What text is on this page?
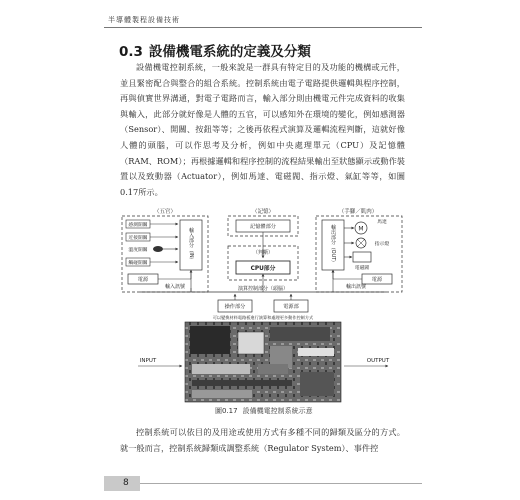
半導體製程設備技術
0.3 設備機電系統的定義及分類

設備機電控制系統，一般來說是一群具有特定目的及功能的機構或元件，並且緊密配合與整合的組合系統。控制系統由電子電路提供邏輯與程序控制，再與偵實世界溝通，對電子電路而言，輸入部分則由機電元件完成資料的收集與輸入，此部分就好像是人體的五官，可以感知外在環境的變化，例如感測器（Sensor）、開關、按鈕等等；之後再依程式演算及邏輯流程判斷，這就好像人體的頭腦，可以作思考及分析，例如中央處理單元（CPU）及記憶體（RAM、ROM）；再根據邏輯和程序控制的流程結果輸出至狀態顯示或動作裝置以及致動器（Actuator），例如馬達、電磁閥、指示燈、氣缸等等，如圖0.17所示。

（五官）
感測開關
近接開關
溫度開關
觸碰開關
輸入部分（IN）
電源
（記憶）
記憶體部分
（判斷）
CPU部分
（手腳／肌肉）
輸出部分（OUT）	M
馬達
指示燈
電磁閥
電源
輸入訊號	輸出訊號
演算控制部分（頭腦）
操作部分	電源部
可以變換材料電路板進行演算和處理更多動作控制方式
INPUT	OUTPUT
圖0.17 設備機電控制系統示意

控制系統可以依目的及用途或使用方式有多種不同的歸類及區分的方式。就一般而言，控制系統歸類成調整系統（Regulator System）、事件控

8
